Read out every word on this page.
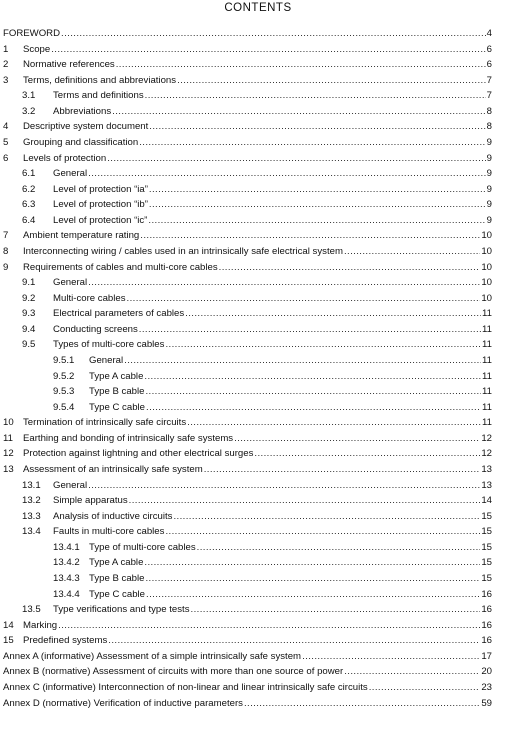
CONTENTS
FOREWORD .....	4
1	Scope .....	6
2	Normative references .....	6
3	Terms, definitions and abbreviations .....	7
3.1	Terms and definitions .....	7
3.2	Abbreviations .....	8
4	Descriptive system document .....	8
5	Grouping and classification .....	9
6	Levels of protection .....	9
6.1	General .....	9
6.2	Level of protection “ia” .....	9
6.3	Level of protection “ib” .....	9
6.4	Level of protection “ic” .....	9
7	Ambient temperature rating .....	10
8	Interconnecting wiring / cables used in an intrinsically safe electrical system .....	10
9	Requirements of cables and multi-core cables .....	10
9.1	General .....	10
9.2	Multi-core cables .....	10
9.3	Electrical parameters of cables .....	11
9.4	Conducting screens .....	11
9.5	Types of multi-core cables .....	11
9.5.1	General .....	11
9.5.2	Type A cable .....	11
9.5.3	Type B cable .....	11
9.5.4	Type C cable .....	11
10 Termination of intrinsically safe circuits .....	11
11	Earthing and bonding of intrinsically safe systems .....	12
12 Protection against lightning and other electrical surges .....	12
13 Assessment of an intrinsically safe system .....	13
13.1	General .....	13
13.2	Simple apparatus .....	14
13.3	Analysis of inductive circuits .....	15
13.4	Faults in multi-core cables .....	15
13.4.1 Type of multi-core cables .....	15
13.4.2 Type A cable .....	15
13.4.3 Type B cable .....	15
13.4.4 Type C cable .....	16
13.5	Type verifications and type tests .....	16
14 Marking .....	16
15 Predefined systems .....	16
Annex A (informative) Assessment of a simple intrinsically safe system .....	17
Annex B (normative) Assessment of circuits with more than one source of power .....	20
Annex C (informative) Interconnection of non-linear and linear intrinsically safe circuits .....	23
Annex D (normative) Verification of inductive parameters .....	59
